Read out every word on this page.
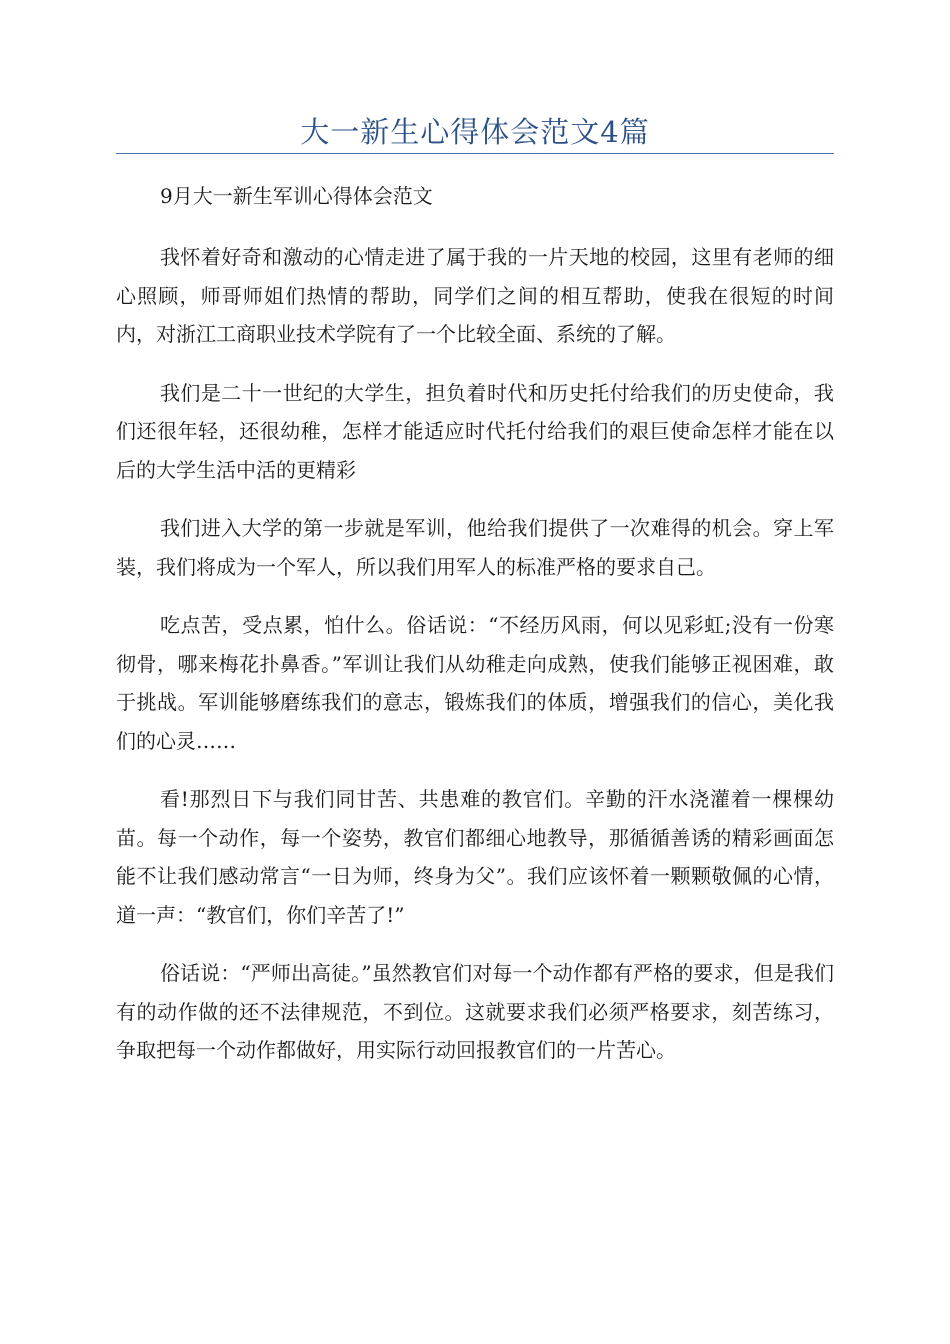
大一新生心得体会范文4篇

9月大一新生军训心得体会范文

我怀着好奇和激动的心情走进了属于我的一片天地的校园，这里有老师的细心照顾，师哥师姐们热情的帮助，同学们之间的相互帮助，使我在很短的时间内，对浙江工商职业技术学院有了一个比较全面、系统的了解。

我们是二十一世纪的大学生，担负着时代和历史托付给我们的历史使命，我们还很年轻，还很幼稚，怎样才能适应时代托付给我们的艰巨使命怎样才能在以后的大学生活中活的更精彩

我们进入大学的第一步就是军训，他给我们提供了一次难得的机会。穿上军装，我们将成为一个军人，所以我们用军人的标准严格的要求自己。

吃点苦，受点累，怕什么。俗话说：“不经历风雨，何以见彩虹;没有一份寒彻骨，哪来梅花扑鼻香。”军训让我们从幼稚走向成熟，使我们能够正视困难，敢于挑战。军训能够磨练我们的意志，锻炼我们的体质，增强我们的信心，美化我们的心灵……

看!那烈日下与我们同甘苦、共患难的教官们。辛勤的汗水浇灌着一棵棵幼苗。每一个动作，每一个姿势，教官们都细心地教导，那循循善诱的精彩画面怎能不让我们感动常言“一日为师，终身为父”。我们应该怀着一颗颗敬佩的心情，道一声：“教官们，你们辛苦了!”

俗话说：“严师出高徒。”虽然教官们对每一个动作都有严格的要求，但是我们有的动作做的还不法律规范，不到位。这就要求我们必须严格要求，刻苦练习，争取把每一个动作都做好，用实际行动回报教官们的一片苦心。
